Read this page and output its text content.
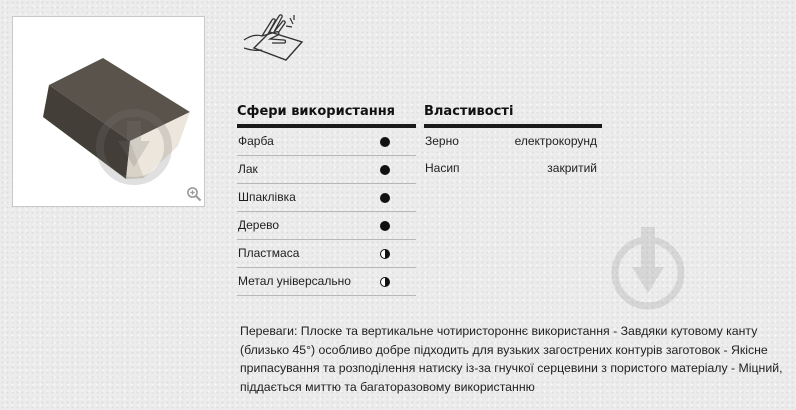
Сфери використання
Фарба
Лак
Шпаклівка
Дерево
Пластмаса
Метал універсально
Властивості
Зерно	електрокорунд
Насип	закритий

Переваги: Плоске та вертикальне чотиристороннє використання - Завдяки кутовому канту (близько 45°) особливо добре підходить для вузьких загострених контурів заготовок - Якісне припасування та розподілення натиску із-за гнучкої серцевини з пористого матеріалу - Міцний, піддається миттю та багаторазовому використанню
